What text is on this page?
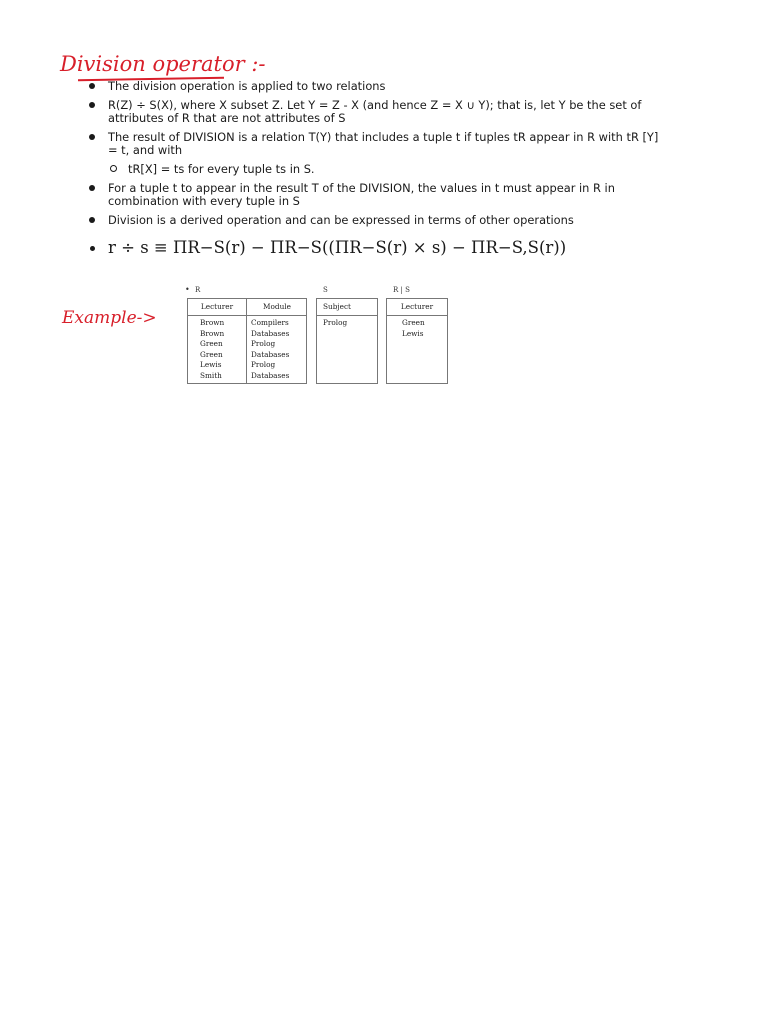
Division operator :-
The division operation is applied to two relations
R(Z) ÷ S(X), where X subset Z. Let Y = Z - X (and hence Z = X ∪ Y); that is, let Y be the set of attributes of R that are not attributes of S
The result of DIVISION is a relation T(Y) that includes a tuple t if tuples tR appear in R with tR [Y] = t, and with
tR[X] = ts for every tuple ts in S.
For a tuple t to appear in the result T of the DIVISION, the values in t must appear in R in combination with every tuple in S
Division is a derived operation and can be expressed in terms of other operations
r ÷ s ≡ ΠR−S(r) − ΠR−S((ΠR−S(r) × s) − ΠR−S,S(r))
Example->
• R
Lecturer
Brown
Brown
Green
Green
Lewis
Smith
Module
Compilers
Databases
Prolog
Databases
Prolog
Databases
S
Subject
Prolog
R | S
Lecturer
Green
Lewis
